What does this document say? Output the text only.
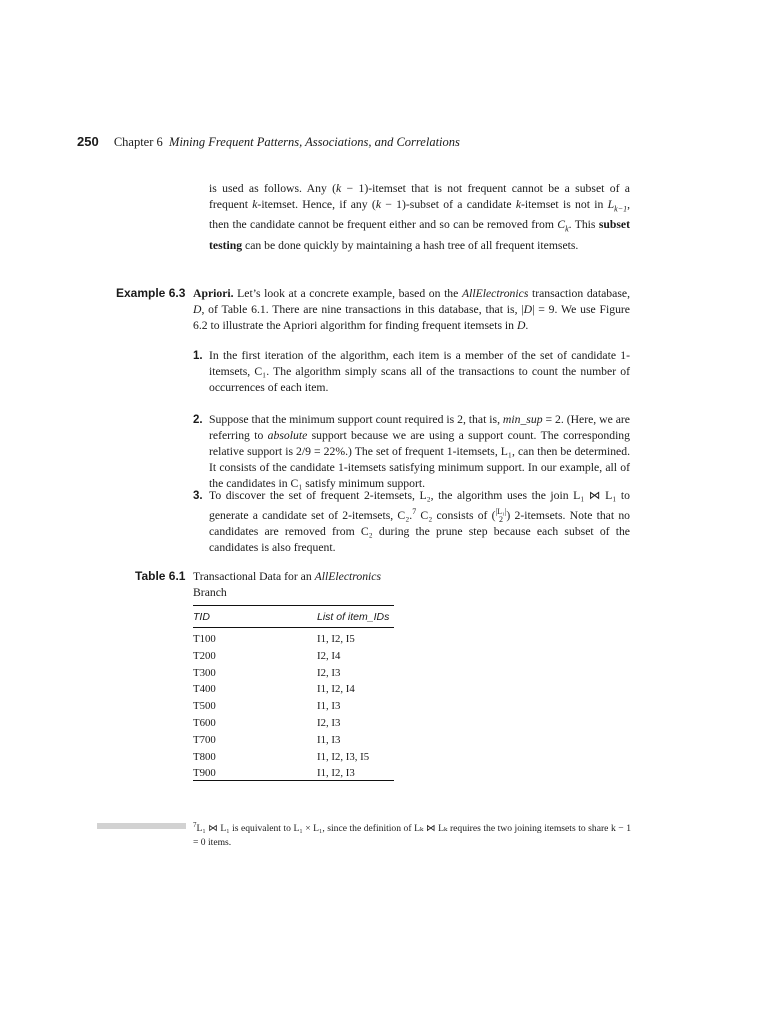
250 Chapter 6 Mining Frequent Patterns, Associations, and Correlations

is used as follows. Any (k − 1)-itemset that is not frequent cannot be a subset of a frequent k-itemset. Hence, if any (k − 1)-subset of a candidate k-itemset is not in $L_{k-1}$, then the candidate cannot be frequent either and so can be removed from $C_k$. This subset testing can be done quickly by maintaining a hash tree of all frequent itemsets.

Example 6.3 Apriori. Let’s look at a concrete example, based on the AllElectronics transaction database, D, of Table 6.1. There are nine transactions in this database, that is, |D| = 9. We use Figure 6.2 to illustrate the Apriori algorithm for finding frequent itemsets in D.

1. In the first iteration of the algorithm, each item is a member of the set of candidate 1-itemsets, C₁. The algorithm simply scans all of the transactions to count the number of occurrences of each item.
2. Suppose that the minimum support count required is 2, that is, min_sup = 2. (Here, we are referring to absolute support because we are using a support count. The corresponding relative support is 2/9 = 22%.) The set of frequent 1-itemsets, L₁, can then be determined. It consists of the candidate 1-itemsets satisfying minimum support. In our example, all of the candidates in C₁ satisfy minimum support.
3. To discover the set of frequent 2-itemsets, L₂, the algorithm uses the join L₁ ⋈ L₁ to generate a candidate set of 2-itemsets, C₂.$^7$ C₂ consists of ( |L₁|
2 ) 2-itemsets. Note that no candidates are removed from C₂ during the prune step because each subset of the candidates is also frequent.
Table 6.1 Transactional Data for an AllElectronics
Branch
TID	List of item_IDs
T100	I1, I2, I5
T200	I2, I4
T300	I2, I3
T400	I1, I2, I4
T500	I1, I3
T600	I2, I3
T700	I1, I3
T800	I1, I2, I3, I5
T900	I1, I2, I3
$^7$L₁ ⋈ L₁ is equivalent to L₁ × L₁, since the definition of Lₖ ⋈ Lₖ requires the two joining itemsets to share k − 1 = 0 items.
